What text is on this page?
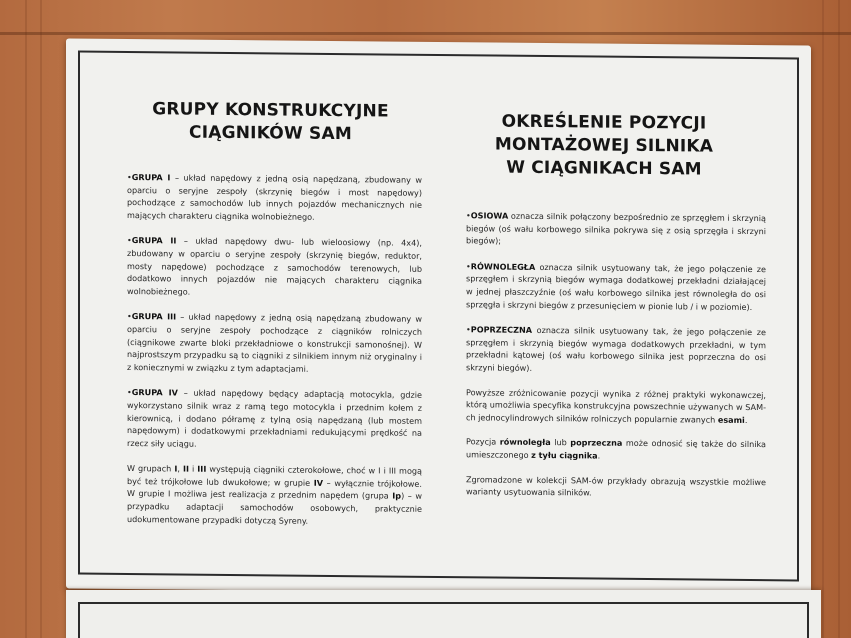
GRUPY KONSTRUKCYJNE
CIĄGNIKÓW SAM

•GRUPA I – układ napędowy z jedną osią napędzaną, zbudowany w oparciu o seryjne zespoły (skrzynię biegów i most napędowy) pochodzące z samochodów lub innych pojazdów mechanicznych nie mających charakteru ciągnika wolnobieżnego.

•GRUPA II – układ napędowy dwu- lub wieloosiowy (np. 4x4), zbudowany w oparciu o seryjne zespoły (skrzynię biegów, reduktor, mosty napędowe) pochodzące z samochodów terenowych, lub dodatkowo innych pojazdów nie mających charakteru ciągnika wolnobieżnego.

•GRUPA III – układ napędowy z jedną osią napędzaną zbudowany w oparciu o seryjne zespoły pochodzące z ciągników rolniczych (ciągnikowe zwarte bloki przekładniowe o konstrukcji samonośnej). W najprostszym przypadku są to ciągniki z silnikiem innym niż oryginalny i z koniecznymi w związku z tym adaptacjami.

•GRUPA IV – układ napędowy będący adaptacją motocykla, gdzie wykorzystano silnik wraz z ramą tego motocykla i przednim kołem z kierownicą, i dodano półramę z tylną osią napędzaną (lub mostem napędowym) i dodatkowymi przekładniami redukującymi prędkość na rzecz siły uciągu.

W grupach I, II i III występują ciągniki czterokołowe, choć w I i III mogą być też trójkołowe lub dwukołowe; w grupie IV – wyłącznie trójkołowe. W grupie I możliwa jest realizacja z przednim napędem (grupa Ip) – w przypadku adaptacji samochodów osobowych, praktycznie udokumentowane przypadki dotyczą Syreny.

OKREŚLENIE POZYCJI
MONTAŻOWEJ SILNIKA
W CIĄGNIKACH SAM

•OSIOWA oznacza silnik połączony bezpośrednio ze sprzęgłem i skrzynią biegów (oś wału korbowego silnika pokrywa się z osią sprzęgła i skrzyni biegów);

•RÓWNOLEGŁA oznacza silnik usytuowany tak, że jego połączenie ze sprzęgłem i skrzynią biegów wymaga dodatkowej przekładni działającej w jednej płaszczyźnie (oś wału korbowego silnika jest równoległa do osi sprzęgła i skrzyni biegów z przesunięciem w pionie lub / i w poziomie).

•POPRZECZNA oznacza silnik usytuowany tak, że jego połączenie ze sprzęgłem i skrzynią biegów wymaga dodatkowych przekładni, w tym przekładni kątowej (oś wału korbowego silnika jest poprzeczna do osi skrzyni biegów).

Powyższe zróżnicowanie pozycji wynika z różnej praktyki wykonawczej, którą umożliwia specyfika konstrukcyjna powszechnie używanych w SAM-ch jednocylindrowych silników rolniczych popularnie zwanych esami.

Pozycja równoległa lub poprzeczna może odnosić się także do silnika umieszczonego z tyłu ciągnika.

Zgromadzone w kolekcji SAM-ów przykłady obrazują wszystkie możliwe warianty usytuowania silników.
